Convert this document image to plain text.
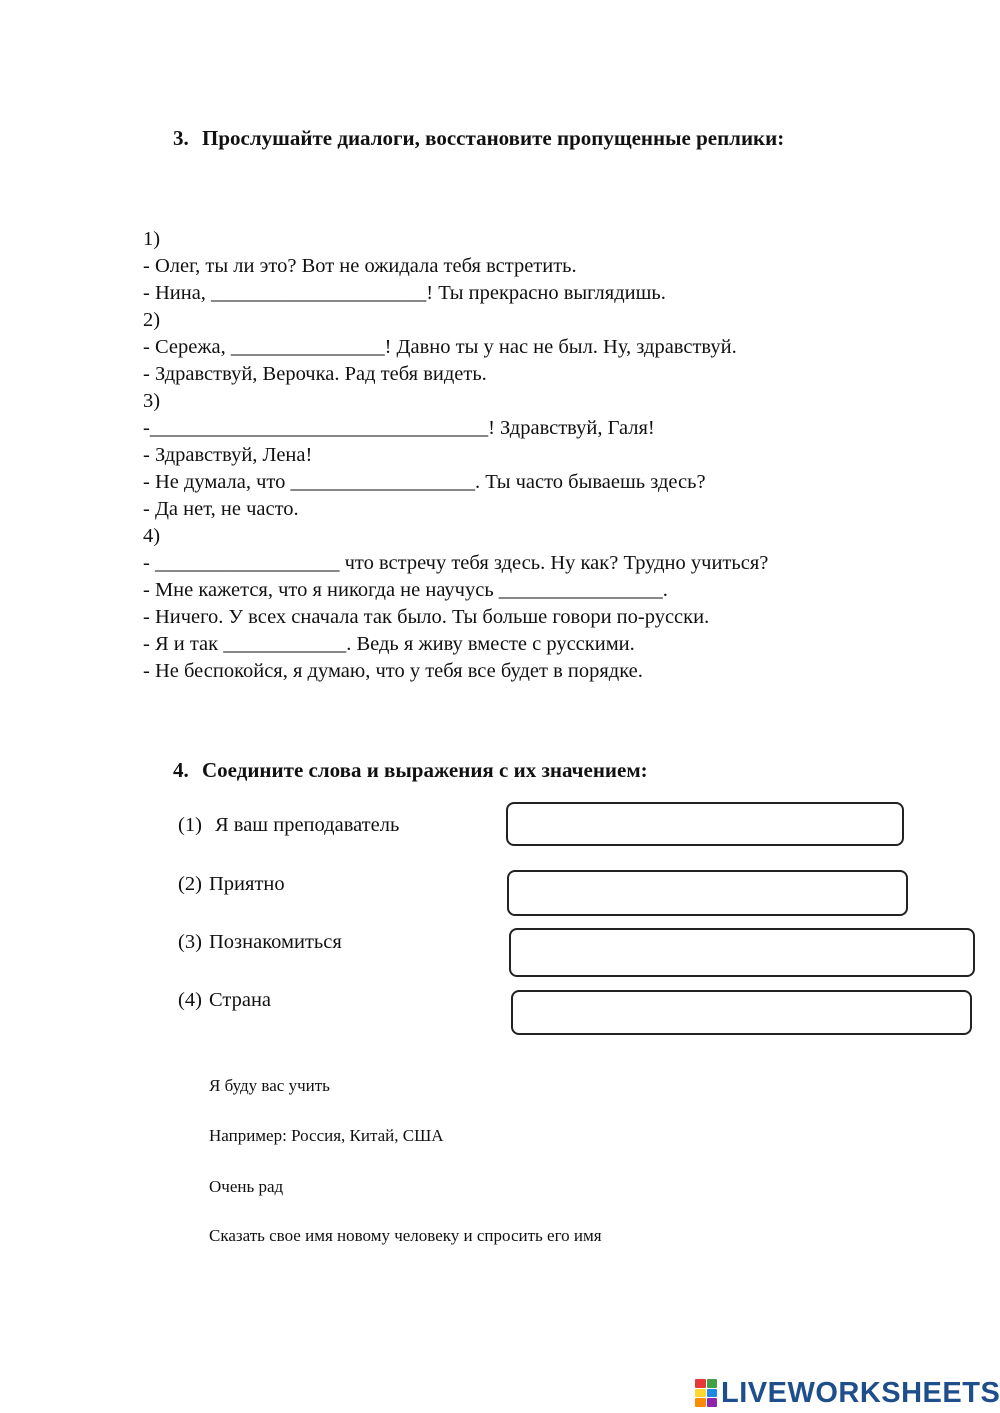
3. Прослушайте диалоги, восстановите пропущенные реплики:
1)
- Олег, ты ли это? Вот не ожидала тебя встретить.
- Нина, _____________________! Ты прекрасно выглядишь.
2)
- Сережа, _______________! Давно ты у нас не был. Ну, здравствуй.
- Здравствуй, Верочка. Рад тебя видеть.
3)
-_________________________________! Здравствуй, Галя!
- Здравствуй, Лена!
- Не думала, что __________________. Ты часто бываешь здесь?
- Да нет, не часто.
4)
- __________________ что встречу тебя здесь. Ну как? Трудно учиться?
- Мне кажется, что я никогда не научусь ________________.
- Ничего. У всех сначала так было. Ты больше говори по-русски.
- Я и так ____________. Ведь я живу вместе с русскими.
- Не беспокойся, я думаю, что у тебя все будет в порядке.
4. Соедините слова и выражения с их значением:
(1) Я ваш преподаватель
(2) Приятно
(3) Познакомиться
(4) Страна
Я буду вас учить
Например: Россия, Китай, США
Очень рад
Сказать свое имя новому человеку и спросить его имя
LIVEWORKSHEETS
